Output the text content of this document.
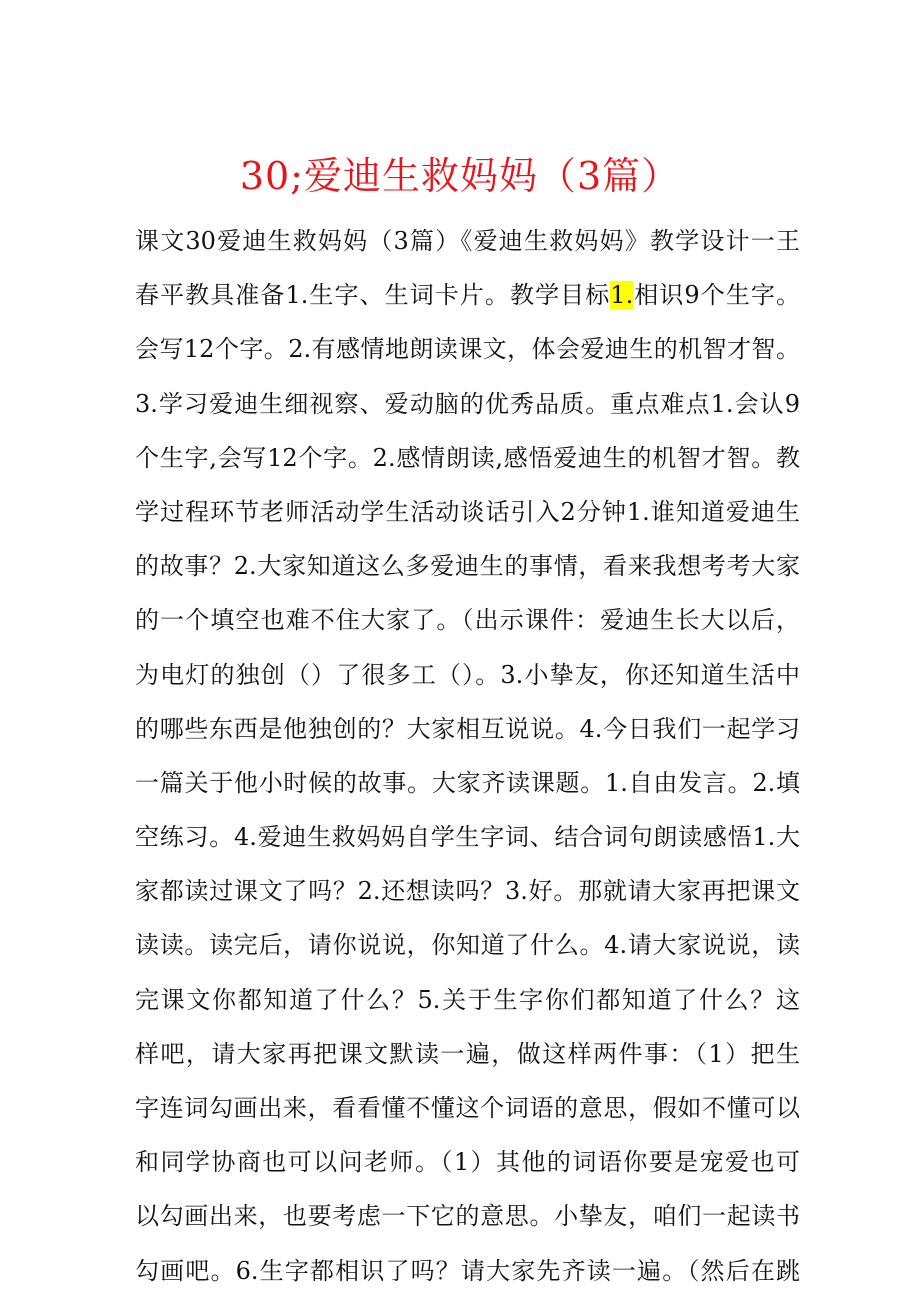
30;爱迪生救妈妈（3篇）
课文30爱迪生救妈妈（3篇）《爱迪生救妈妈》教学设计一王
春平教具准备1.生字、生词卡片。教学目标1.相识9个生字。
会写12个字。2.有感情地朗读课文，体会爱迪生的机智才智。
3.学习爱迪生细视察、爱动脑的优秀品质。重点难点1.会认9
个生字,会写12个字。2.感情朗读,感悟爱迪生的机智才智。教
学过程环节老师活动学生活动谈话引入2分钟1.谁知道爱迪生
的故事？2.大家知道这么多爱迪生的事情，看来我想考考大家
的一个填空也难不住大家了。（出示课件：爱迪生长大以后，
为电灯的独创（）了很多工（）。3.小挚友，你还知道生活中
的哪些东西是他独创的？大家相互说说。4.今日我们一起学习
一篇关于他小时候的故事。大家齐读课题。1.自由发言。2.填
空练习。4.爱迪生救妈妈自学生字词、结合词句朗读感悟1.大
家都读过课文了吗？2.还想读吗？3.好。那就请大家再把课文
读读。读完后，请你说说，你知道了什么。4.请大家说说，读
完课文你都知道了什么？5.关于生字你们都知道了什么？这
样吧，请大家再把课文默读一遍，做这样两件事：（1）把生
字连词勾画出来，看看懂不懂这个词语的意思，假如不懂可以
和同学协商也可以问老师。（1）其他的词语你要是宠爱也可
以勾画出来，也要考虑一下它的意思。小挚友，咱们一起读书
勾画吧。6.生字都相识了吗？请大家先齐读一遍。（然后在跳
